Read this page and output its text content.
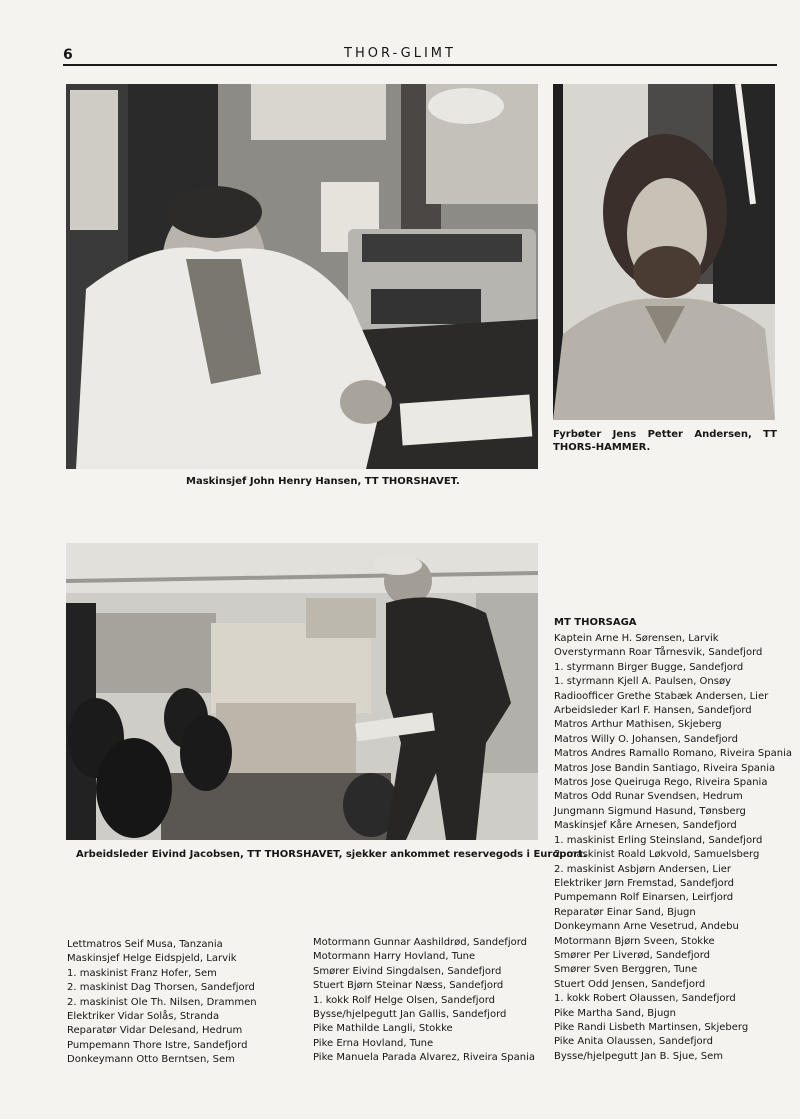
6	THOR-GLIMT
Maskinsjef John Henry Hansen, TT THORSHAVET.
Fyrbøter Jens Petter Andersen, TT THORS-HAMMER.
Arbeidsleder Eivind Jacobsen, TT THORSHAVET, sjekker ankommet reservegods i Europort.
MT THORSAGA
Kaptein Arne H. Sørensen, Larvik
Overstyrmann Roar Tårnesvik, Sandefjord
1. styrmann Birger Bugge, Sandefjord
1. styrmann Kjell A. Paulsen, Onsøy
Radioofficer Grethe Stabæk Andersen, Lier
Arbeidsleder Karl F. Hansen, Sandefjord
Matros Arthur Mathisen, Skjeberg
Matros Willy O. Johansen, Sandefjord
Matros Andres Ramallo Romano, Riveira Spania
Matros Jose Bandin Santiago, Riveira Spania
Matros Jose Queiruga Rego, Riveira Spania
Matros Odd Runar Svendsen, Hedrum
Jungmann Sigmund Hasund, Tønsberg
Maskinsjef Kåre Arnesen, Sandefjord
1. maskinist Erling Steinsland, Sandefjord
2. maskinist Roald Løkvold, Samuelsberg
2. maskinist Asbjørn Andersen, Lier
Elektriker Jørn Fremstad, Sandefjord
Pumpemann Rolf Einarsen, Leirfjord
Reparatør Einar Sand, Bjugn
Donkeymann Arne Vesetrud, Andebu
Motormann Bjørn Sveen, Stokke
Smører Per Liverød, Sandefjord
Smører Sven Berggren, Tune
Stuert Odd Jensen, Sandefjord
1. kokk Robert Olaussen, Sandefjord
Pike Martha Sand, Bjugn
Pike Randi Lisbeth Martinsen, Skjeberg
Pike Anita Olaussen, Sandefjord
Bysse/hjelpegutt Jan B. Sjue, Sem
Lettmatros Seif Musa, Tanzania
Maskinsjef Helge Eidspjeld, Larvik
1. maskinist Franz Hofer, Sem
2. maskinist Dag Thorsen, Sandefjord
2. maskinist Ole Th. Nilsen, Drammen
Elektriker Vidar Solås, Stranda
Reparatør Vidar Delesand, Hedrum
Pumpemann Thore Istre, Sandefjord
Donkeymann Otto Berntsen, Sem
Motormann Gunnar Aashildrød, Sandefjord
Motormann Harry Hovland, Tune
Smører Eivind Singdalsen, Sandefjord
Stuert Bjørn Steinar Næss, Sandefjord
1. kokk Rolf Helge Olsen, Sandefjord
Bysse/hjelpegutt Jan Gallis, Sandefjord
Pike Mathilde Langli, Stokke
Pike Erna Hovland, Tune
Pike Manuela Parada Alvarez, Riveira Spania
